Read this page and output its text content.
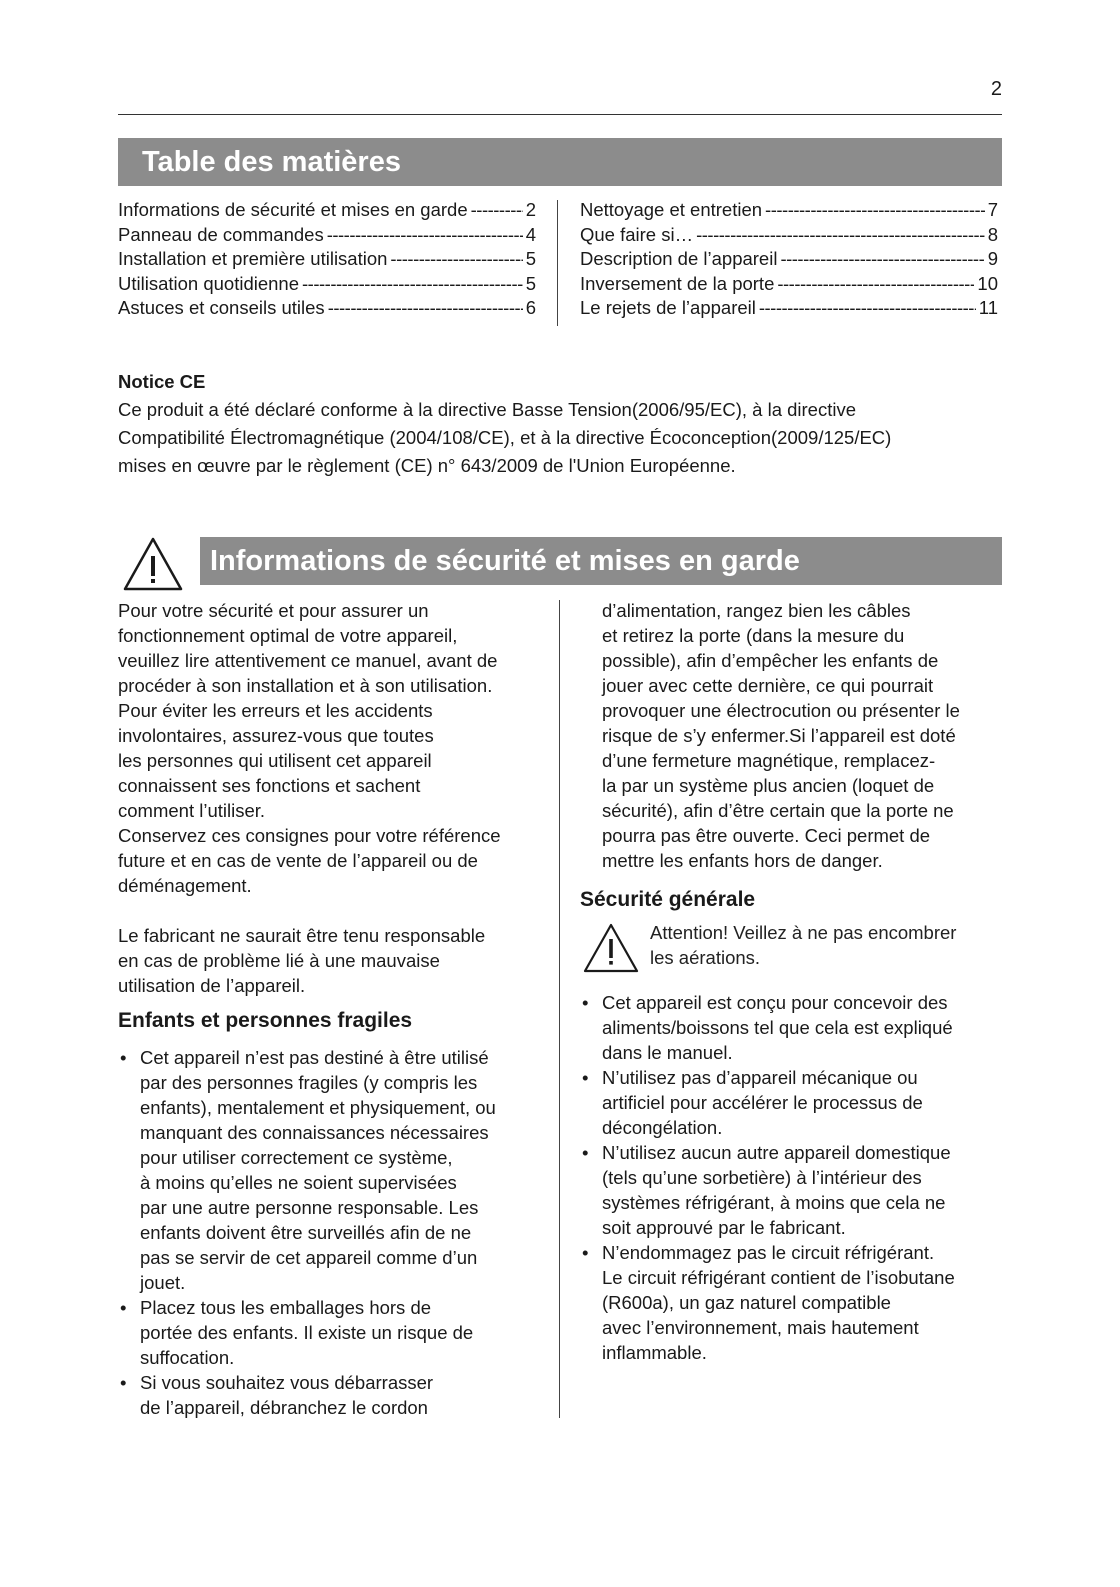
2
Table des matières
Informations de sécurité et mises en garde -----	2
Panneau de commandes -----	4
Installation et première utilisation -----	5
Utilisation quotidienne -----	5
Astuces et conseils utiles -----	6
Nettoyage et entretien -----	7
Que faire si… -----	8
Description de l’appareil -----	9
Inversement de la porte -----	10
Le rejets de l’appareil -----	11
Notice CE

Ce produit a été déclaré conforme à la directive Basse Tension(2006/95/EC), à la directive

Compatibilité Électromagnétique (2004/108/CE), et à la directive Écoconception(2009/125/EC)

mises en œuvre par le règlement (CE) n° 643/2009 de l'Union Européenne.

Informations de sécurité et mises en garde

Pour votre sécurité et pour assurer un

fonctionnement optimal de votre appareil,

veuillez lire attentivement ce manuel, avant de

procéder à son installation et à son utilisation.

Pour éviter les erreurs et les accidents

involontaires, assurez-vous que toutes

les personnes qui utilisent cet appareil

connaissent ses fonctions et sachent

comment l’utiliser.

Conservez ces consignes pour votre référence

future et en cas de vente de l’appareil ou de

déménagement.

Le fabricant ne saurait être tenu responsable

en cas de problème lié à une mauvaise

utilisation de l’appareil.

Enfants et personnes fragiles

• Cet appareil n’est pas destiné à être utilisé

par des personnes fragiles (y compris les

enfants), mentalement et physiquement, ou

manquant des connaissances nécessaires

pour utiliser correctement ce système,

à moins qu’elles ne soient supervisées

par une autre personne responsable. Les

enfants doivent être surveillés afin de ne

pas se servir de cet appareil comme d’un

jouet.

• Placez tous les emballages hors de

portée des enfants. Il existe un risque de

suffocation.

• Si vous souhaitez vous débarrasser

de l’appareil, débranchez le cordon

d’alimentation, rangez bien les câbles

et retirez la porte (dans la mesure du

possible), afin d’empêcher les enfants de

jouer avec cette dernière, ce qui pourrait

provoquer une électrocution ou présenter le

risque de s’y enfermer.Si l’appareil est doté

d’une fermeture magnétique, remplacez-

la par un système plus ancien (loquet de

sécurité), afin d’être certain que la porte ne

pourra pas être ouverte. Ceci permet de

mettre les enfants hors de danger.

Sécurité générale

Attention! Veillez à ne pas encombrer

les aérations.

• Cet appareil est conçu pour concevoir des

aliments/boissons tel que cela est expliqué

dans le manuel.

• N’utilisez pas d’appareil mécanique ou

artificiel pour accélérer le processus de

décongélation.

• N’utilisez aucun autre appareil domestique

(tels qu’une sorbetière) à l’intérieur des

systèmes réfrigérant, à moins que cela ne

soit approuvé par le fabricant.

• N’endommagez pas le circuit réfrigérant.

Le circuit réfrigérant contient de l’isobutane

(R600a), un gaz naturel compatible

avec l’environnement, mais hautement

inflammable.
